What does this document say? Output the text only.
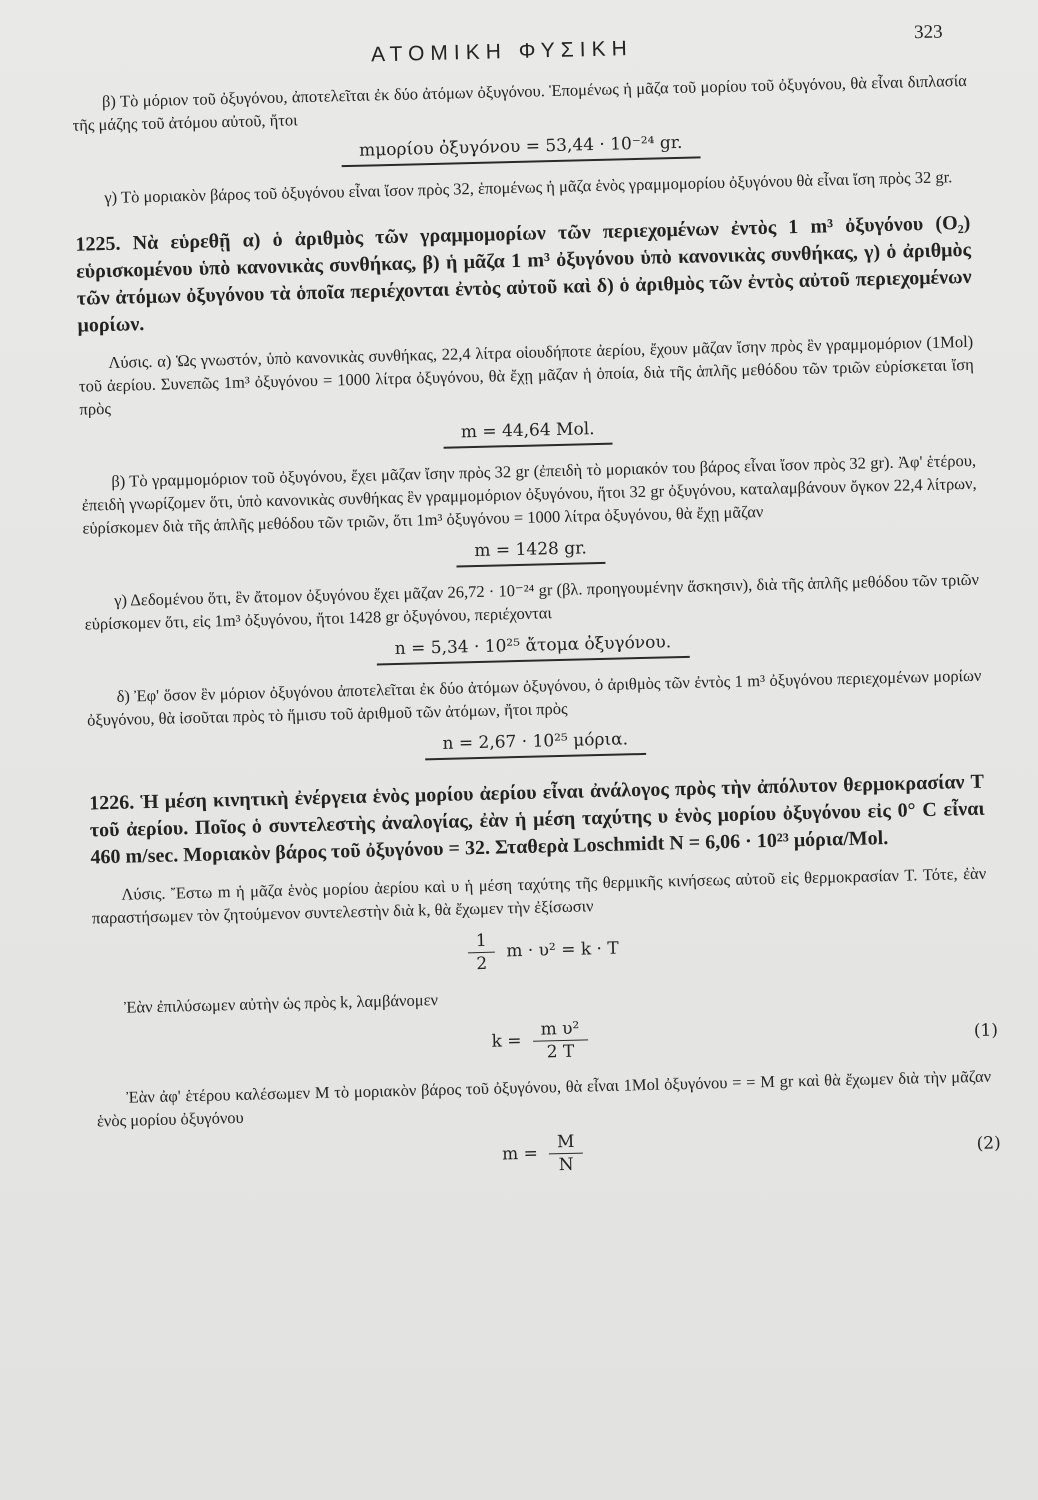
ΑΤΟΜΙΚΗ ΦΥΣΙΚΗ
323

β) Τὸ μόριον τοῦ ὀξυγόνου, ἀποτελεῖται ἐκ δύο ἀτόμων ὀξυγόνου. Ἑπομένως ἡ μᾶζα τοῦ μορίου τοῦ ὀξυγόνου, θὰ εἶναι διπλασία τῆς μάζης τοῦ ἀτόμου αὐτοῦ, ἤτοι

mμορίου ὀξυγόνου = 53,44 · 10⁻²⁴ gr.

γ) Τὸ μοριακὸν βάρος τοῦ ὀξυγόνου εἶναι ἴσον πρὸς 32, ἑπομένως ἡ μᾶζα ἑνὸς γραμμομορίου ὀξυγόνου θὰ εἶναι ἴση πρὸς 32 gr.

1225. Νὰ εὑρεθῇ α) ὁ ἀριθμὸς τῶν γραμμομορίων τῶν περιεχομένων ἐντὸς 1 m³ ὀξυγόνου (O₂) εὑρισκομένου ὑπὸ κανονικὰς συνθήκας, β) ἡ μᾶζα 1 m³ ὀξυγόνου ὑπὸ κανονικὰς συνθήκας, γ) ὁ ἀριθμὸς τῶν ἀτόμων ὀξυγόνου τὰ ὁποῖα περιέχονται ἐντὸς αὐτοῦ καὶ δ) ὁ ἀριθμὸς τῶν ἐντὸς αὐτοῦ περιεχομένων μορίων.

Λύσις. α) Ὡς γνωστόν, ὑπὸ κανονικὰς συνθήκας, 22,4 λίτρα οἱουδήποτε ἀερίου, ἔχουν μᾶζαν ἴσην πρὸς ἓν γραμμομόριον (1Mol) τοῦ ἀερίου. Συνεπῶς 1m³ ὀξυγόνου = 1000 λίτρα ὀξυγόνου, θὰ ἔχῃ μᾶζαν ἡ ὁποία, διὰ τῆς ἁπλῆς μεθόδου τῶν τριῶν εὑρίσκεται ἴση πρὸς

m = 44,64 Mol.

β) Τὸ γραμμομόριον τοῦ ὀξυγόνου, ἔχει μᾶζαν ἴσην πρὸς 32 gr (ἐπειδὴ τὸ μοριακόν του βάρος εἶναι ἴσον πρὸς 32 gr). Ἀφ' ἑτέρου, ἐπειδὴ γνωρίζομεν ὅτι, ὑπὸ κανονικὰς συνθήκας ἓν γραμμομόριον ὀξυγόνου, ἤτοι 32 gr ὀξυγόνου, καταλαμβάνουν ὄγκον 22,4 λίτρων, εὑρίσκομεν διὰ τῆς ἁπλῆς μεθόδου τῶν τριῶν, ὅτι 1m³ ὀξυγόνου = 1000 λίτρα ὀξυγόνου, θὰ ἔχῃ μᾶζαν

m = 1428 gr.

γ) Δεδομένου ὅτι, ἓν ἄτομον ὀξυγόνου ἔχει μᾶζαν 26,72 · 10⁻²⁴ gr (βλ. προηγουμένην ἄσκησιν), διὰ τῆς ἁπλῆς μεθόδου τῶν τριῶν εὑρίσκομεν ὅτι, εἰς 1m³ ὀξυγόνου, ἤτοι 1428 gr ὀξυγόνου, περιέχονται

n = 5,34 · 10²⁵ ἄτομα ὀξυγόνου.

δ) Ἐφ' ὅσον ἓν μόριον ὀξυγόνου ἀποτελεῖται ἐκ δύο ἀτόμων ὀξυγόνου, ὁ ἀριθμὸς τῶν ἐντὸς 1 m³ ὀξυγόνου περιεχομένων μορίων ὀξυγόνου, θὰ ἰσοῦται πρὸς τὸ ἥμισυ τοῦ ἀριθμοῦ τῶν ἀτόμων, ἤτοι πρὸς

n = 2,67 · 10²⁵ μόρια.
1226. Ἡ μέση κινητικὴ ἐνέργεια ἑνὸς μορίου ἀερίου εἶναι ἀνάλογος πρὸς τὴν ἀπόλυτον θερμοκρασίαν T τοῦ ἀερίου. Ποῖος ὁ συντελεστὴς ἀναλογίας, ἐὰν ἡ μέση ταχύτης υ ἑνὸς μορίου ὀξυγόνου εἰς 0° C εἶναι 460 m/sec. Μοριακὸν βάρος τοῦ ὀξυγόνου = 32. Σταθερὰ Loschmidt N = 6,06 · 10²³ μόρια/Mol.

Λύσις. Ἔστω m ἡ μᾶζα ἑνὸς μορίου ἀερίου καὶ υ ἡ μέση ταχύτης τῆς θερμικῆς κινήσεως αὐτοῦ εἰς θερμοκρασίαν T. Τότε, ἐὰν παραστήσωμεν τὸν ζητούμενον συντελεστὴν διὰ k, θὰ ἔχωμεν τὴν ἐξίσωσιν

$\frac{1}{2}$ m · υ² = k · T

Ἐὰν ἐπιλύσωμεν αὐτὴν ὡς πρὸς k, λαμβάνομεν

$k = \frac{\text{m υ²}}{2 T}$	(1)

Ἐὰν ἀφ' ἑτέρου καλέσωμεν M τὸ μοριακὸν βάρος τοῦ ὀξυγόνου, θὰ εἶναι 1Mol ὀξυγόνου = = M gr καὶ θὰ ἔχωμεν διὰ τὴν μᾶζαν ἑνὸς μορίου ὀξυγόνου

$m = \frac{M}{N}$	(2)
